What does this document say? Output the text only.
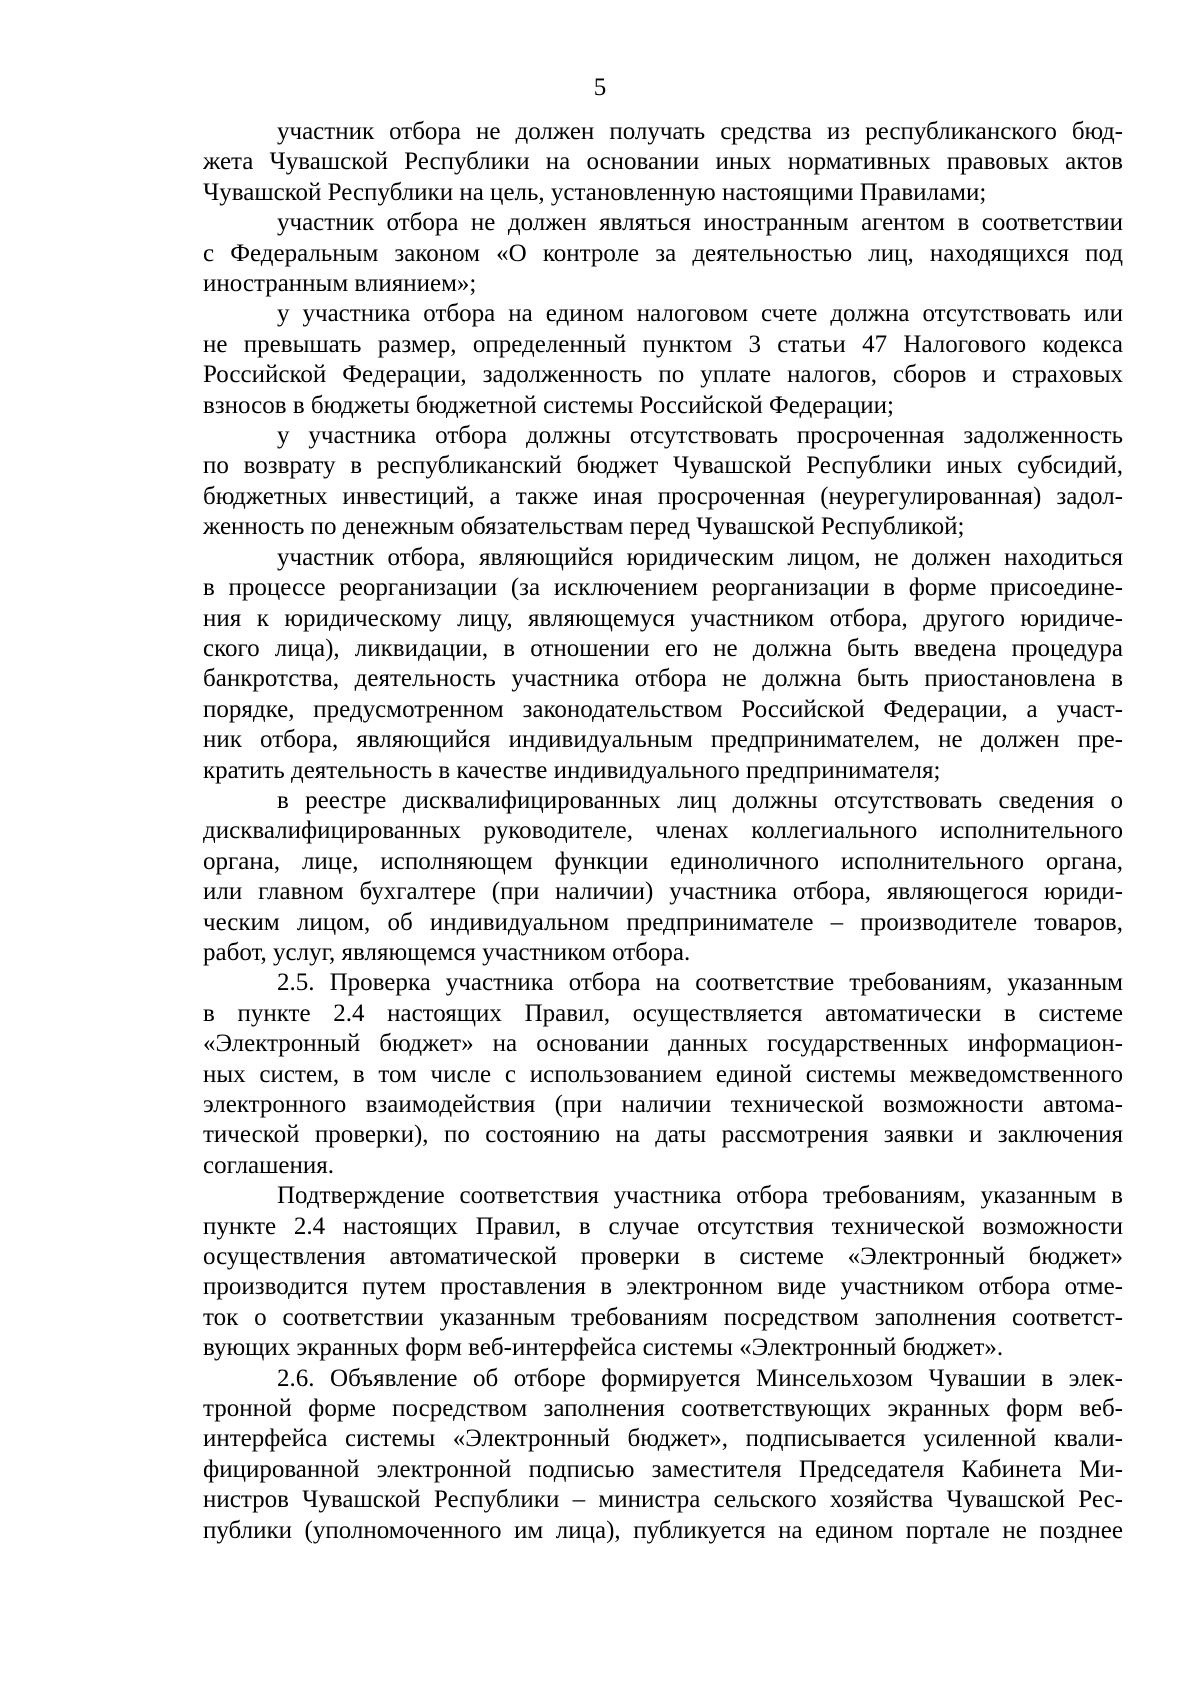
5
участник отбора не должен получать средства из республиканского бюд-
жета Чувашской Республики на основании иных нормативных правовых актов
Чувашской Республики на цель, установленную настоящими Правилами;
участник отбора не должен являться иностранным агентом в соответствии
с Федеральным законом «О контроле за деятельностью лиц, находящихся под
иностранным влиянием»;
у участника отбора на едином налоговом счете должна отсутствовать или
не превышать размер, определенный пунктом 3 статьи 47 Налогового кодекса
Российской Федерации, задолженность по уплате налогов, сборов и страховых
взносов в бюджеты бюджетной системы Российской Федерации;
у участника отбора должны отсутствовать просроченная задолженность
по возврату в республиканский бюджет Чувашской Республики иных субсидий,
бюджетных инвестиций, а также иная просроченная (неурегулированная) задол-
женность по денежным обязательствам перед Чувашской Республикой;
участник отбора, являющийся юридическим лицом, не должен находиться
в процессе реорганизации (за исключением реорганизации в форме присоедине-
ния к юридическому лицу, являющемуся участником отбора, другого юридиче-
ского лица), ликвидации, в отношении его не должна быть введена процедура
банкротства, деятельность участника отбора не должна быть приостановлена в
порядке, предусмотренном законодательством Российской Федерации, а участ-
ник отбора, являющийся индивидуальным предпринимателем, не должен пре-
кратить деятельность в качестве индивидуального предпринимателя;
в реестре дисквалифицированных лиц должны отсутствовать сведения о
дисквалифицированных руководителе, членах коллегиального исполнительного
органа, лице, исполняющем функции единоличного исполнительного органа,
или главном бухгалтере (при наличии) участника отбора, являющегося юриди-
ческим лицом, об индивидуальном предпринимателе – производителе товаров,
работ, услуг, являющемся участником отбора.
2.5. Проверка участника отбора на соответствие требованиям, указанным
в пункте 2.4 настоящих Правил, осуществляется автоматически в системе
«Электронный бюджет» на основании данных государственных информацион-
ных систем, в том числе с использованием единой системы межведомственного
электронного взаимодействия (при наличии технической возможности автома-
тической проверки), по состоянию на даты рассмотрения заявки и заключения
соглашения.
Подтверждение соответствия участника отбора требованиям, указанным в
пункте 2.4 настоящих Правил, в случае отсутствия технической возможности
осуществления автоматической проверки в системе «Электронный бюджет»
производится путем проставления в электронном виде участником отбора отме-
ток о соответствии указанным требованиям посредством заполнения соответст-
вующих экранных форм веб-интерфейса системы «Электронный бюджет».
2.6. Объявление об отборе формируется Минсельхозом Чувашии в элек-
тронной форме посредством заполнения соответствующих экранных форм веб-
интерфейса системы «Электронный бюджет», подписывается усиленной квали-
фицированной электронной подписью заместителя Председателя Кабинета Ми-
нистров Чувашской Республики – министра сельского хозяйства Чувашской Рес-
публики (уполномоченного им лица), публикуется на едином портале не позднее
